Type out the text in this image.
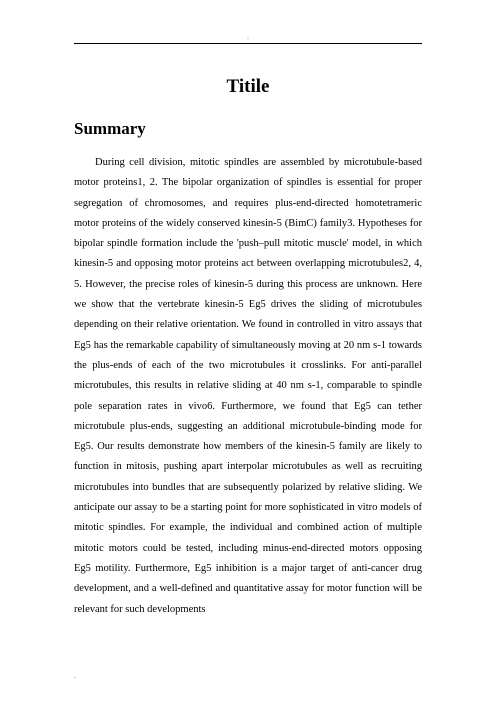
.
Titile
Summary

During cell division, mitotic spindles are assembled by microtubule-based motor proteins1, 2. The bipolar organization of spindles is essential for proper segregation of chromosomes, and requires plus-end-directed homotetrameric motor proteins of the widely conserved kinesin-5 (BimC) family3. Hypotheses for bipolar spindle formation include the 'push–pull mitotic muscle' model, in which kinesin-5 and opposing motor proteins act between overlapping microtubules2, 4, 5. However, the precise roles of kinesin-5 during this process are unknown. Here we show that the vertebrate kinesin-5 Eg5 drives the sliding of microtubules depending on their relative orientation. We found in controlled in vitro assays that Eg5 has the remarkable capability of simultaneously moving at 20 nm s-1 towards the plus-ends of each of the two microtubules it crosslinks. For anti-parallel microtubules, this results in relative sliding at 40 nm s-1, comparable to spindle pole separation rates in vivo6. Furthermore, we found that Eg5 can tether microtubule plus-ends, suggesting an additional microtubule-binding mode for Eg5. Our results demonstrate how members of the kinesin-5 family are likely to function in mitosis, pushing apart interpolar microtubules as well as recruiting microtubules into bundles that are subsequently polarized by relative sliding. We anticipate our assay to be a starting point for more sophisticated in vitro models of mitotic spindles. For example, the individual and combined action of multiple mitotic motors could be tested, including minus-end-directed motors opposing Eg5 motility. Furthermore, Eg5 inhibition is a major target of anti-cancer drug development, and a well-defined and quantitative assay for motor function will be relevant for such developments

.
